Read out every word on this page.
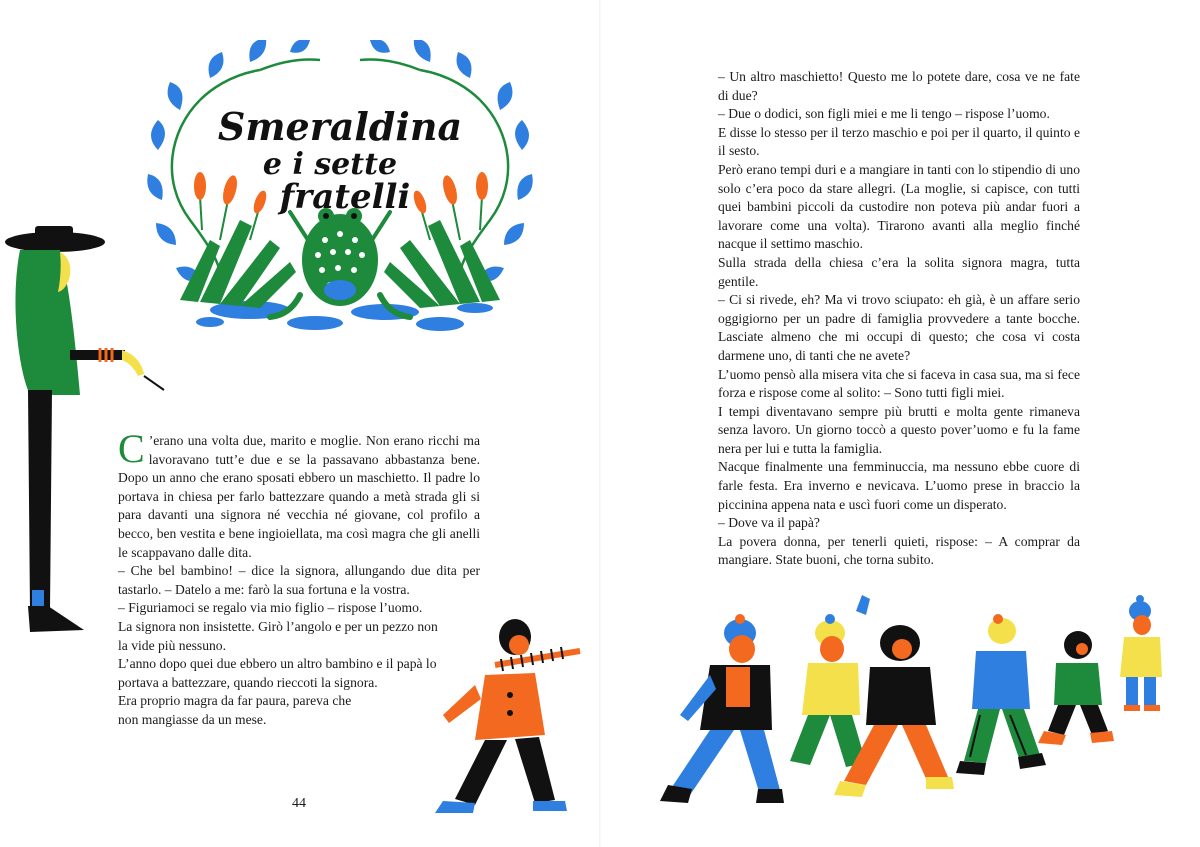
Smeraldina
e i sette
fratelli

C ’erano una volta due, marito e moglie. Non erano ricchi ma lavoravano tutt’e due e se la passavano abbastanza bene. Dopo un anno che erano sposati ebbero un maschietto. Il padre lo portava in chiesa per farlo battezzare quando a metà strada gli si para davanti una signora né vecchia né giovane, col profilo a becco, ben vestita e bene ingioiellata, ma così magra che gli anelli le scappavano dalle dita.

– Che bel bambino! – dice la signora, allungando due dita per tastarlo. – Datelo a me: farò la sua fortuna e la vostra.

– Figuriamoci se regalo via mio figlio – rispose l’uomo.

La signora non insistette. Girò l’angolo e per un pezzo non la vide più nessuno.

L’anno dopo quei due ebbero un altro bambino e il papà lo portava a battezzare, quando rieccoti la signora.

Era proprio magra da far paura, pareva che non mangiasse da un mese.

44

– Un altro maschietto! Questo me lo potete dare, cosa ve ne fate di due?

– Due o dodici, son figli miei e me li tengo – rispose l’uomo.

E disse lo stesso per il terzo maschio e poi per il quarto, il quinto e il sesto.

Però erano tempi duri e a mangiare in tanti con lo stipendio di uno solo c’era poco da stare allegri. (La moglie, si capisce, con tutti quei bambini piccoli da custodire non poteva più andar fuori a lavorare come una volta). Tirarono avanti alla meglio finché nacque il settimo maschio.

Sulla strada della chiesa c’era la solita signora magra, tutta gentile.

– Ci si rivede, eh? Ma vi trovo sciupato: eh già, è un affare serio oggigiorno per un padre di famiglia provvedere a tante bocche. Lasciate almeno che mi occupi di questo; che cosa vi costa darmene uno, di tanti che ne avete?

L’uomo pensò alla misera vita che si faceva in casa sua, ma si fece forza e rispose come al solito: – Sono tutti figli miei.

I tempi diventavano sempre più brutti e molta gente rimaneva senza lavoro. Un giorno toccò a questo pover’uomo e fu la fame nera per lui e tutta la famiglia.

Nacque finalmente una femminuccia, ma nessuno ebbe cuore di farle festa. Era inverno e nevicava. L’uomo prese in braccio la piccinina appena nata e uscì fuori come un disperato.

– Dove va il papà?

La povera donna, per tenerli quieti, rispose: – A comprar da mangiare. State buoni, che torna subito.
